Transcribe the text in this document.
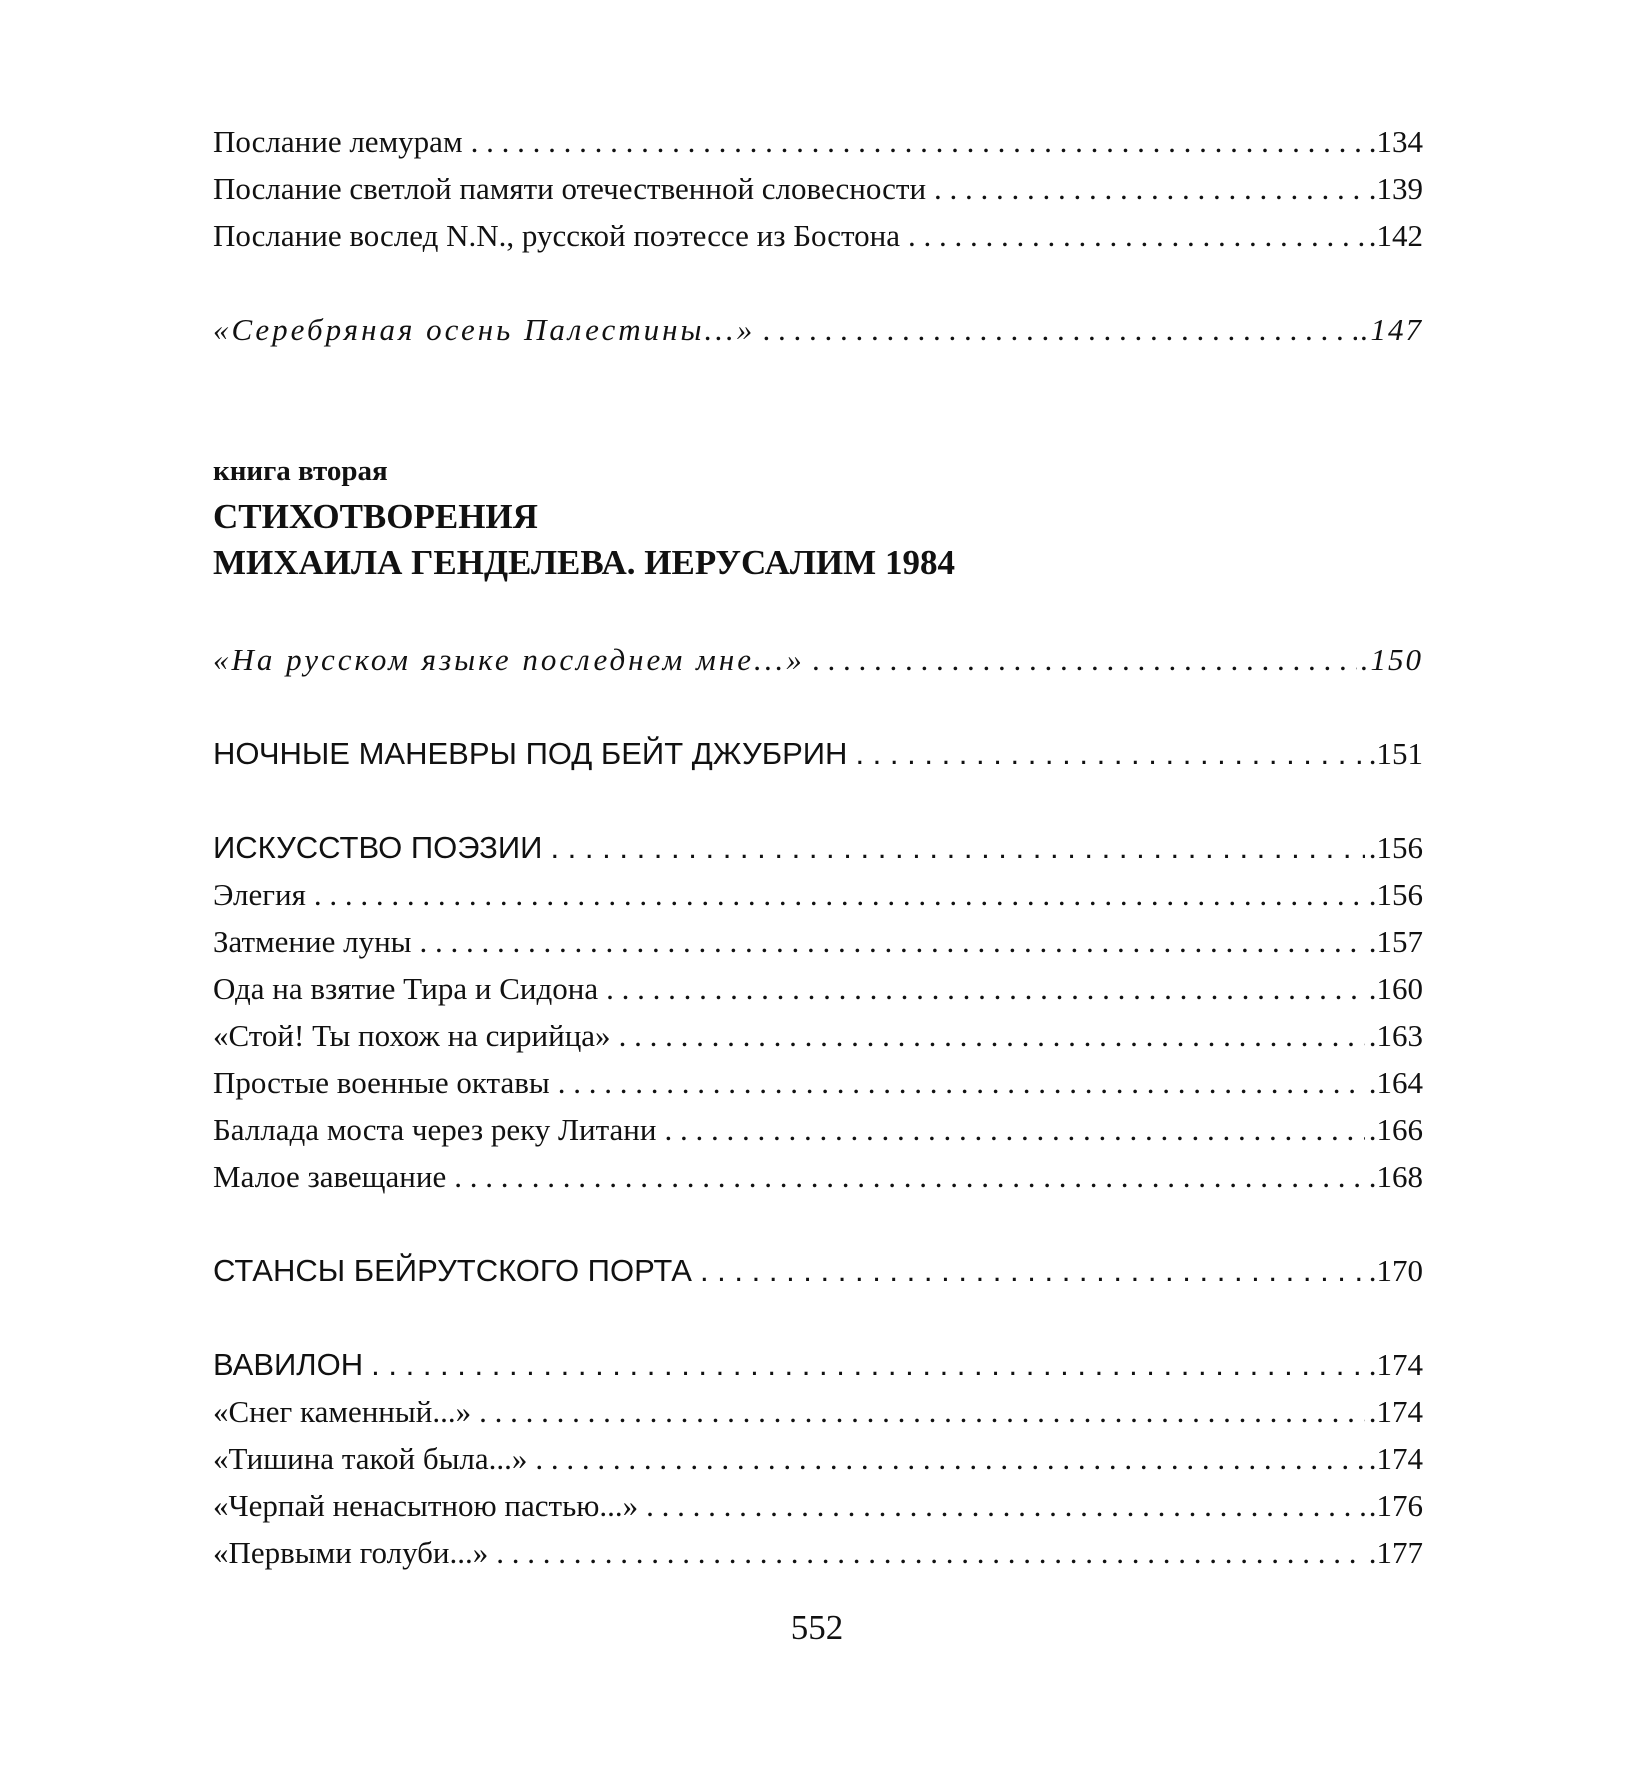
Послание лемурам . . .	.134
Послание светлой памяти отечественной словесности . . .	.139
Послание вослед N.N., русской поэтессе из Бостона . . .	.142
«Серебряная осень Палестины...» . . .	.147
книга вторая
СТИХОТВОРЕНИЯ
МИХАИЛА ГЕНДЕЛЕВА. ИЕРУСАЛИМ 1984
«На русском языке последнем мне...» . . .	.150
НОЧНЫЕ МАНЕВРЫ ПОД БЕЙТ ДЖУБРИН . . .	.151
ИСКУССТВО ПОЭЗИИ . . .	.156
Элегия . . .	.156
Затмение луны . . .	.157
Ода на взятие Тира и Сидона . . .	.160
«Стой! Ты похож на сирийца» . . .	.163
Простые военные октавы . . .	.164
Баллада моста через реку Литани . . .	.166
Малое завещание . . .	.168
СТАНСЫ БЕЙРУТСКОГО ПОРТА . . .	.170
ВАВИЛОН . . .	.174
«Снег каменный...» . . .	.174
«Тишина такой была...» . . .	.174
«Черпай ненасытною пастью...» . . .	.176
«Первыми голуби...» . . .	.177
552
